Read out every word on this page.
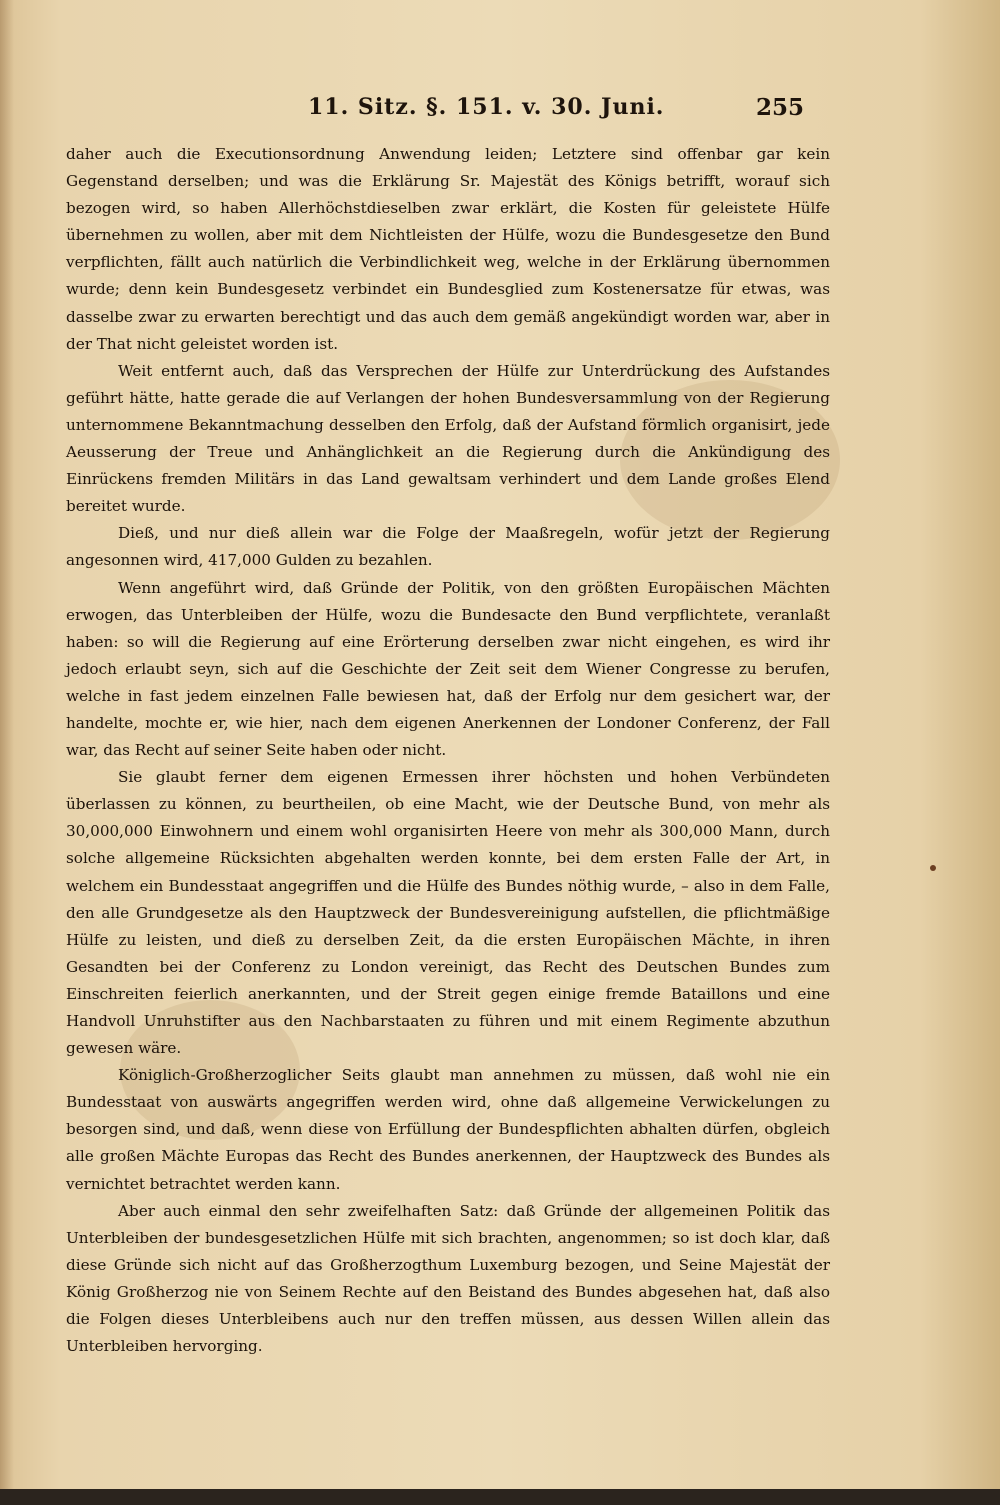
11. Sitz. §. 151. v. 30. Juni.	255

daher auch die Executionsordnung Anwendung leiden; Letztere sind offenbar gar kein Gegenstand derselben; und was die Erklärung Sr. Majestät des Königs betrifft, worauf sich bezogen wird, so haben Allerhöchstdieselben zwar erklärt, die Kosten für geleistete Hülfe übernehmen zu wollen, aber mit dem Nichtleisten der Hülfe, wozu die Bundesgesetze den Bund verpflichten, fällt auch natürlich die Verbindlichkeit weg, welche in der Erklärung übernommen wurde; denn kein Bundesgesetz verbindet ein Bundesglied zum Kostenersatze für etwas, was dasselbe zwar zu erwarten berechtigt und das auch dem gemäß angekündigt worden war, aber in der That nicht geleistet worden ist.

Weit entfernt auch, daß das Versprechen der Hülfe zur Unterdrückung des Aufstandes geführt hätte, hatte gerade die auf Verlangen der hohen Bundesversammlung von der Regierung unternommene Bekanntmachung desselben den Erfolg, daß der Aufstand förmlich organisirt, jede Aeusserung der Treue und Anhänglichkeit an die Regierung durch die Ankündigung des Einrückens fremden Militärs in das Land gewaltsam verhindert und dem Lande großes Elend bereitet wurde.

Dieß, und nur dieß allein war die Folge der Maaßregeln, wofür jetzt der Regierung angesonnen wird, 417,000 Gulden zu bezahlen.

Wenn angeführt wird, daß Gründe der Politik, von den größten Europäischen Mächten erwogen, das Unterbleiben der Hülfe, wozu die Bundesacte den Bund verpflichtete, veranlaßt haben: so will die Regierung auf eine Erörterung derselben zwar nicht eingehen, es wird ihr jedoch erlaubt seyn, sich auf die Geschichte der Zeit seit dem Wiener Congresse zu berufen, welche in fast jedem einzelnen Falle bewiesen hat, daß der Erfolg nur dem gesichert war, der handelte, mochte er, wie hier, nach dem eigenen Anerkennen der Londoner Conferenz, der Fall war, das Recht auf seiner Seite haben oder nicht.

Sie glaubt ferner dem eigenen Ermessen ihrer höchsten und hohen Verbündeten überlassen zu können, zu beurtheilen, ob eine Macht, wie der Deutsche Bund, von mehr als 30,000,000 Einwohnern und einem wohl organisirten Heere von mehr als 300,000 Mann, durch solche allgemeine Rücksichten abgehalten werden konnte, bei dem ersten Falle der Art, in welchem ein Bundesstaat angegriffen und die Hülfe des Bundes nöthig wurde, – also in dem Falle, den alle Grundgesetze als den Hauptzweck der Bundesvereinigung aufstellen, die pflichtmäßige Hülfe zu leisten, und dieß zu derselben Zeit, da die ersten Europäischen Mächte, in ihren Gesandten bei der Conferenz zu London vereinigt, das Recht des Deutschen Bundes zum Einschreiten feierlich anerkannten, und der Streit gegen einige fremde Bataillons und eine Handvoll Unruhstifter aus den Nachbarstaaten zu führen und mit einem Regimente abzuthun gewesen wäre.

Königlich-Großherzoglicher Seits glaubt man annehmen zu müssen, daß wohl nie ein Bundesstaat von auswärts angegriffen werden wird, ohne daß allgemeine Verwickelungen zu besorgen sind, und daß, wenn diese von Erfüllung der Bundespflichten abhalten dürfen, obgleich alle großen Mächte Europas das Recht des Bundes anerkennen, der Hauptzweck des Bundes als vernichtet betrachtet werden kann.

Aber auch einmal den sehr zweifelhaften Satz: daß Gründe der allgemeinen Politik das Unterbleiben der bundesgesetzlichen Hülfe mit sich brachten, angenommen; so ist doch klar, daß diese Gründe sich nicht auf das Großherzogthum Luxemburg bezogen, und Seine Majestät der König Großherzog nie von Seinem Rechte auf den Beistand des Bundes abgesehen hat, daß also die Folgen dieses Unterbleibens auch nur den treffen müssen, aus dessen Willen allein das Unterbleiben hervorging.
